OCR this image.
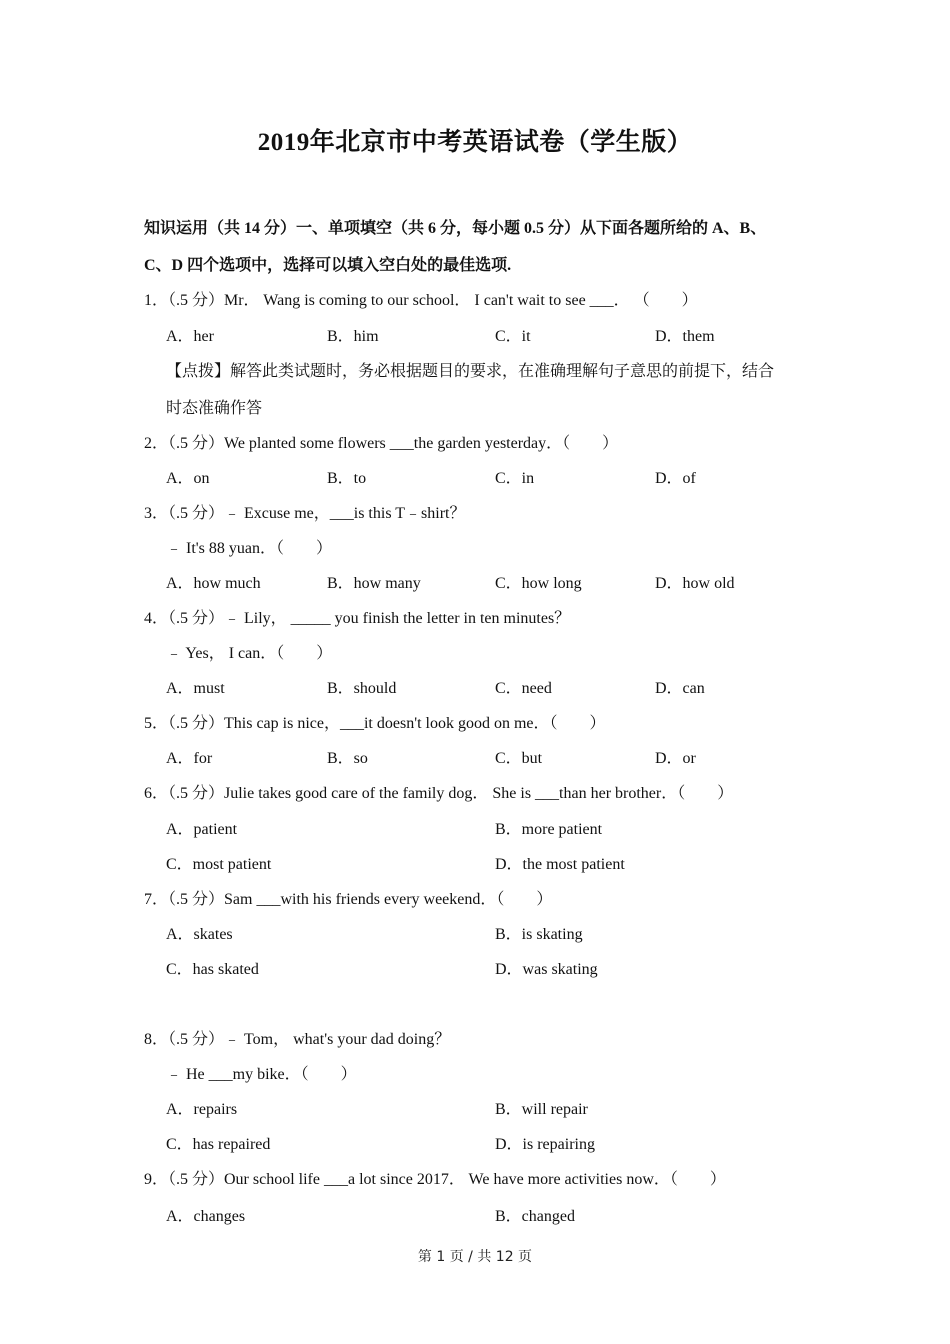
2019年北京市中考英语试卷（学生版）
知识运用（共 14 分）一、单项填空（共 6 分，每小题 0.5 分）从下面各题所给的 A、B、
C、D 四个选项中，选择可以填入空白处的最佳选项.
1．（.5 分）Mr． Wang is coming to our school． I can't wait to see ___． （　　）
A．her	B．him	C．it	D．them
【点拨】解答此类试题时，务必根据题目的要求，在准确理解句子意思的前提下，结合
时态准确作答
2．（.5 分）We planted some flowers ___the garden yesterday．（　　）
A．on	B．to	C．in	D．of
3．（.5 分）﹣ Excuse me，___is this T﹣shirt？
﹣ It's 88 yuan．（　　）
A．how much	B．how many	C．how long	D．how old
4．（.5 分）﹣ Lily， _____ you finish the letter in ten minutes？
﹣ Yes， I can．（　　）
A．must	B．should	C．need	D．can
5．（.5 分）This cap is nice，___it doesn't look good on me．（　　）
A．for	B．so	C．but	D．or
6．（.5 分）Julie takes good care of the family dog． She is ___than her brother．（　　）
A．patient	B．more patient
C．most patient	D．the most patient
7．（.5 分）Sam ___with his friends every weekend．（　　）
A．skates	B．is skating
C．has skated	D．was skating
8．（.5 分）﹣ Tom， what's your dad doing？
﹣ He ___my bike．（　　）
A．repairs	B．will repair
C．has repaired	D．is repairing
9．（.5 分）Our school life ___a lot since 2017． We have more activities now．（　　）
A．changes	B．changed
第 1 页 / 共 12 页
